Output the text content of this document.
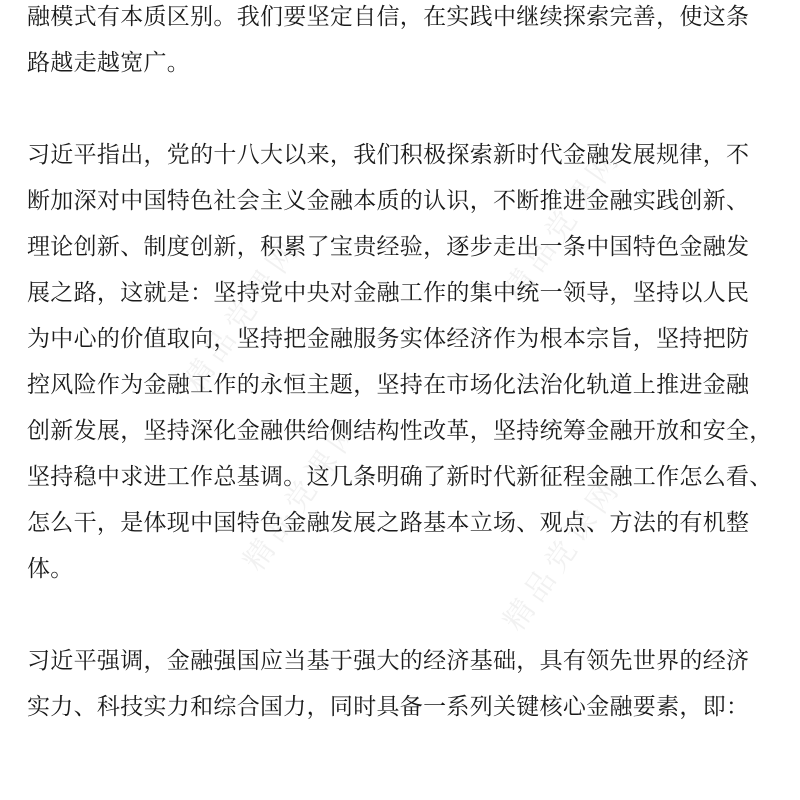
精品党课网
精品党课网
精品党课网	精品党课网
融模式有本质区别。我们要坚定自信，在实践中继续探索完善，使这条
路越走越宽广。
习近平指出，党的十八大以来，我们积极探索新时代金融发展规律，不
断加深对中国特色社会主义金融本质的认识，不断推进金融实践创新、
理论创新、制度创新，积累了宝贵经验，逐步走出一条中国特色金融发
展之路，这就是：坚持党中央对金融工作的集中统一领导，坚持以人民
为中心的价值取向，坚持把金融服务实体经济作为根本宗旨，坚持把防
控风险作为金融工作的永恒主题，坚持在市场化法治化轨道上推进金融
创新发展，坚持深化金融供给侧结构性改革，坚持统筹金融开放和安全，
坚持稳中求进工作总基调。这几条明确了新时代新征程金融工作怎么看、
怎么干，是体现中国特色金融发展之路基本立场、观点、方法的有机整
体。
习近平强调，金融强国应当基于强大的经济基础，具有领先世界的经济
实力、科技实力和综合国力，同时具备一系列关键核心金融要素，即：
